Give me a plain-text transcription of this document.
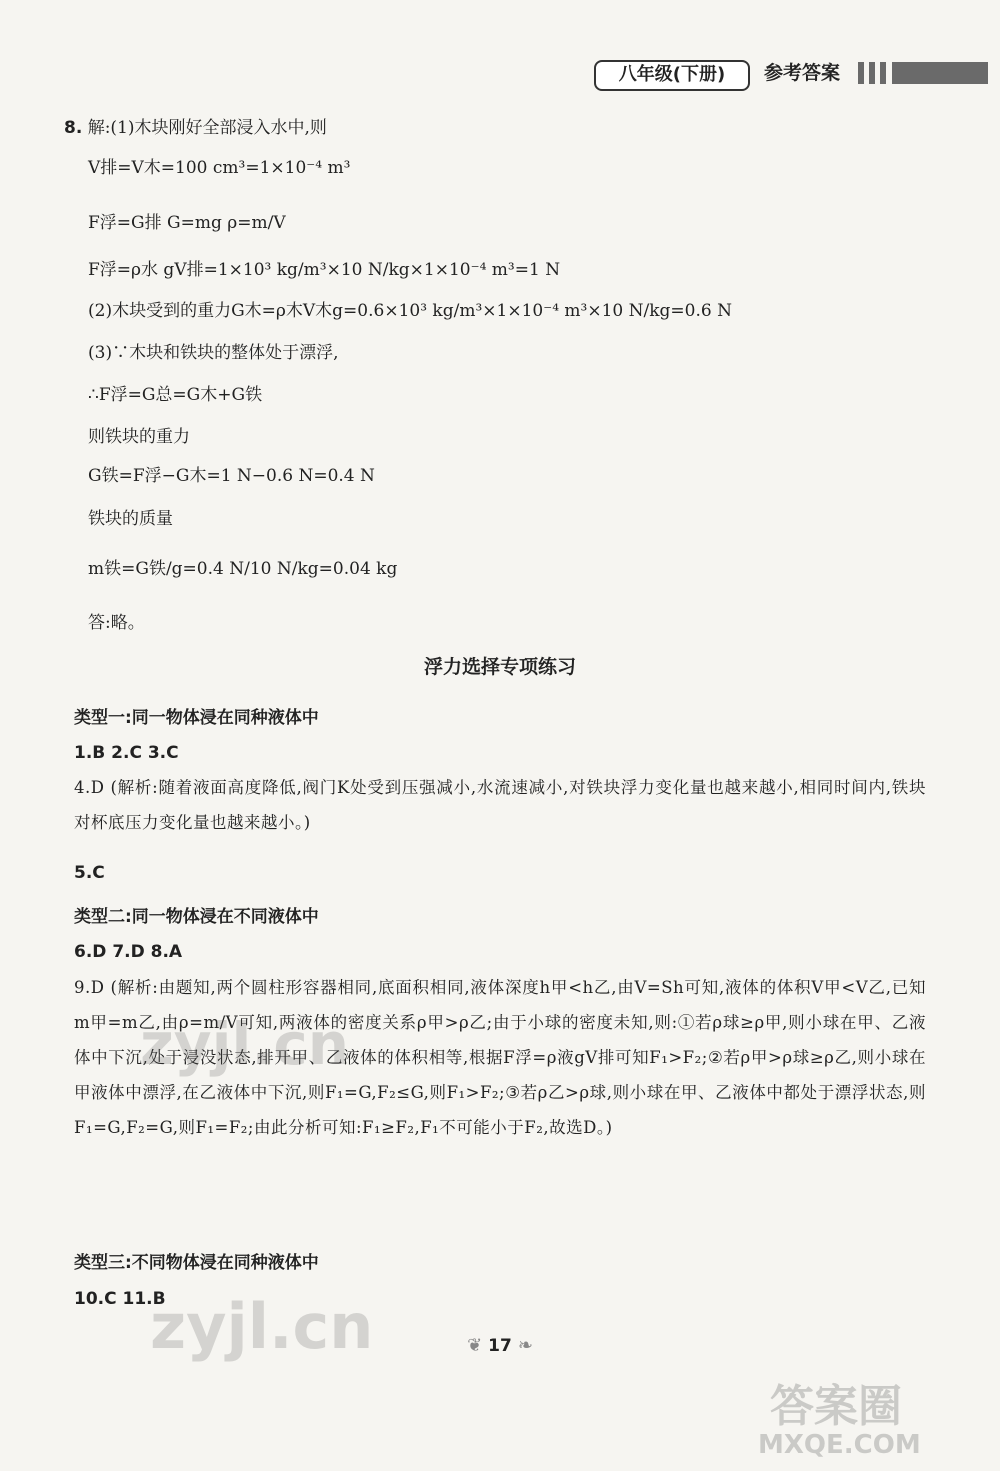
八年级(下册)	参考答案
8. 解:(1)木块刚好全部浸入水中,则
V排=V木=100 cm³=1×10⁻⁴ m³
F浮=G排 G=mg ρ=m/V
F浮=ρ水 gV排=1×10³ kg/m³×10 N/kg×1×10⁻⁴ m³=1 N
(2)木块受到的重力G木=ρ木V木g=0.6×10³ kg/m³×1×10⁻⁴ m³×10 N/kg=0.6 N
(3)∵木块和铁块的整体处于漂浮,
∴F浮=G总=G木+G铁
则铁块的重力
G铁=F浮−G木=1 N−0.6 N=0.4 N
铁块的质量
m铁=G铁/g=0.4 N/10 N/kg=0.04 kg
答:略。
浮力选择专项练习
类型一:同一物体浸在同种液体中
1.B 2.C 3.C
4.D (解析:随着液面高度降低,阀门K处受到压强减小,水流速减小,对铁块浮力变化量也越来越小,相同时间内,铁块对杯底压力变化量也越来越小。)
5.C
类型二:同一物体浸在不同液体中
6.D 7.D 8.A
9.D (解析:由题知,两个圆柱形容器相同,底面积相同,液体深度h甲<h乙,由V=Sh可知,液体的体积V甲<V乙,已知m甲=m乙,由ρ=m/V可知,两液体的密度关系ρ甲>ρ乙;由于小球的密度未知,则:①若ρ球≥ρ甲,则小球在甲、乙液体中下沉,处于浸没状态,排开甲、乙液体的体积相等,根据F浮=ρ液gV排可知F₁>F₂;②若ρ甲>ρ球≥ρ乙,则小球在甲液体中漂浮,在乙液体中下沉,则F₁=G,F₂≤G,则F₁>F₂;③若ρ乙>ρ球,则小球在甲、乙液体中都处于漂浮状态,则F₁=G,F₂=G,则F₁=F₂;由此分析可知:F₁≥F₂,F₁不可能小于F₂,故选D。)
类型三:不同物体浸在同种液体中
10.C 11.B
zyjl.cn
zyjl.cn
答案圈
MXQE.COM
❦ 17 ❧
